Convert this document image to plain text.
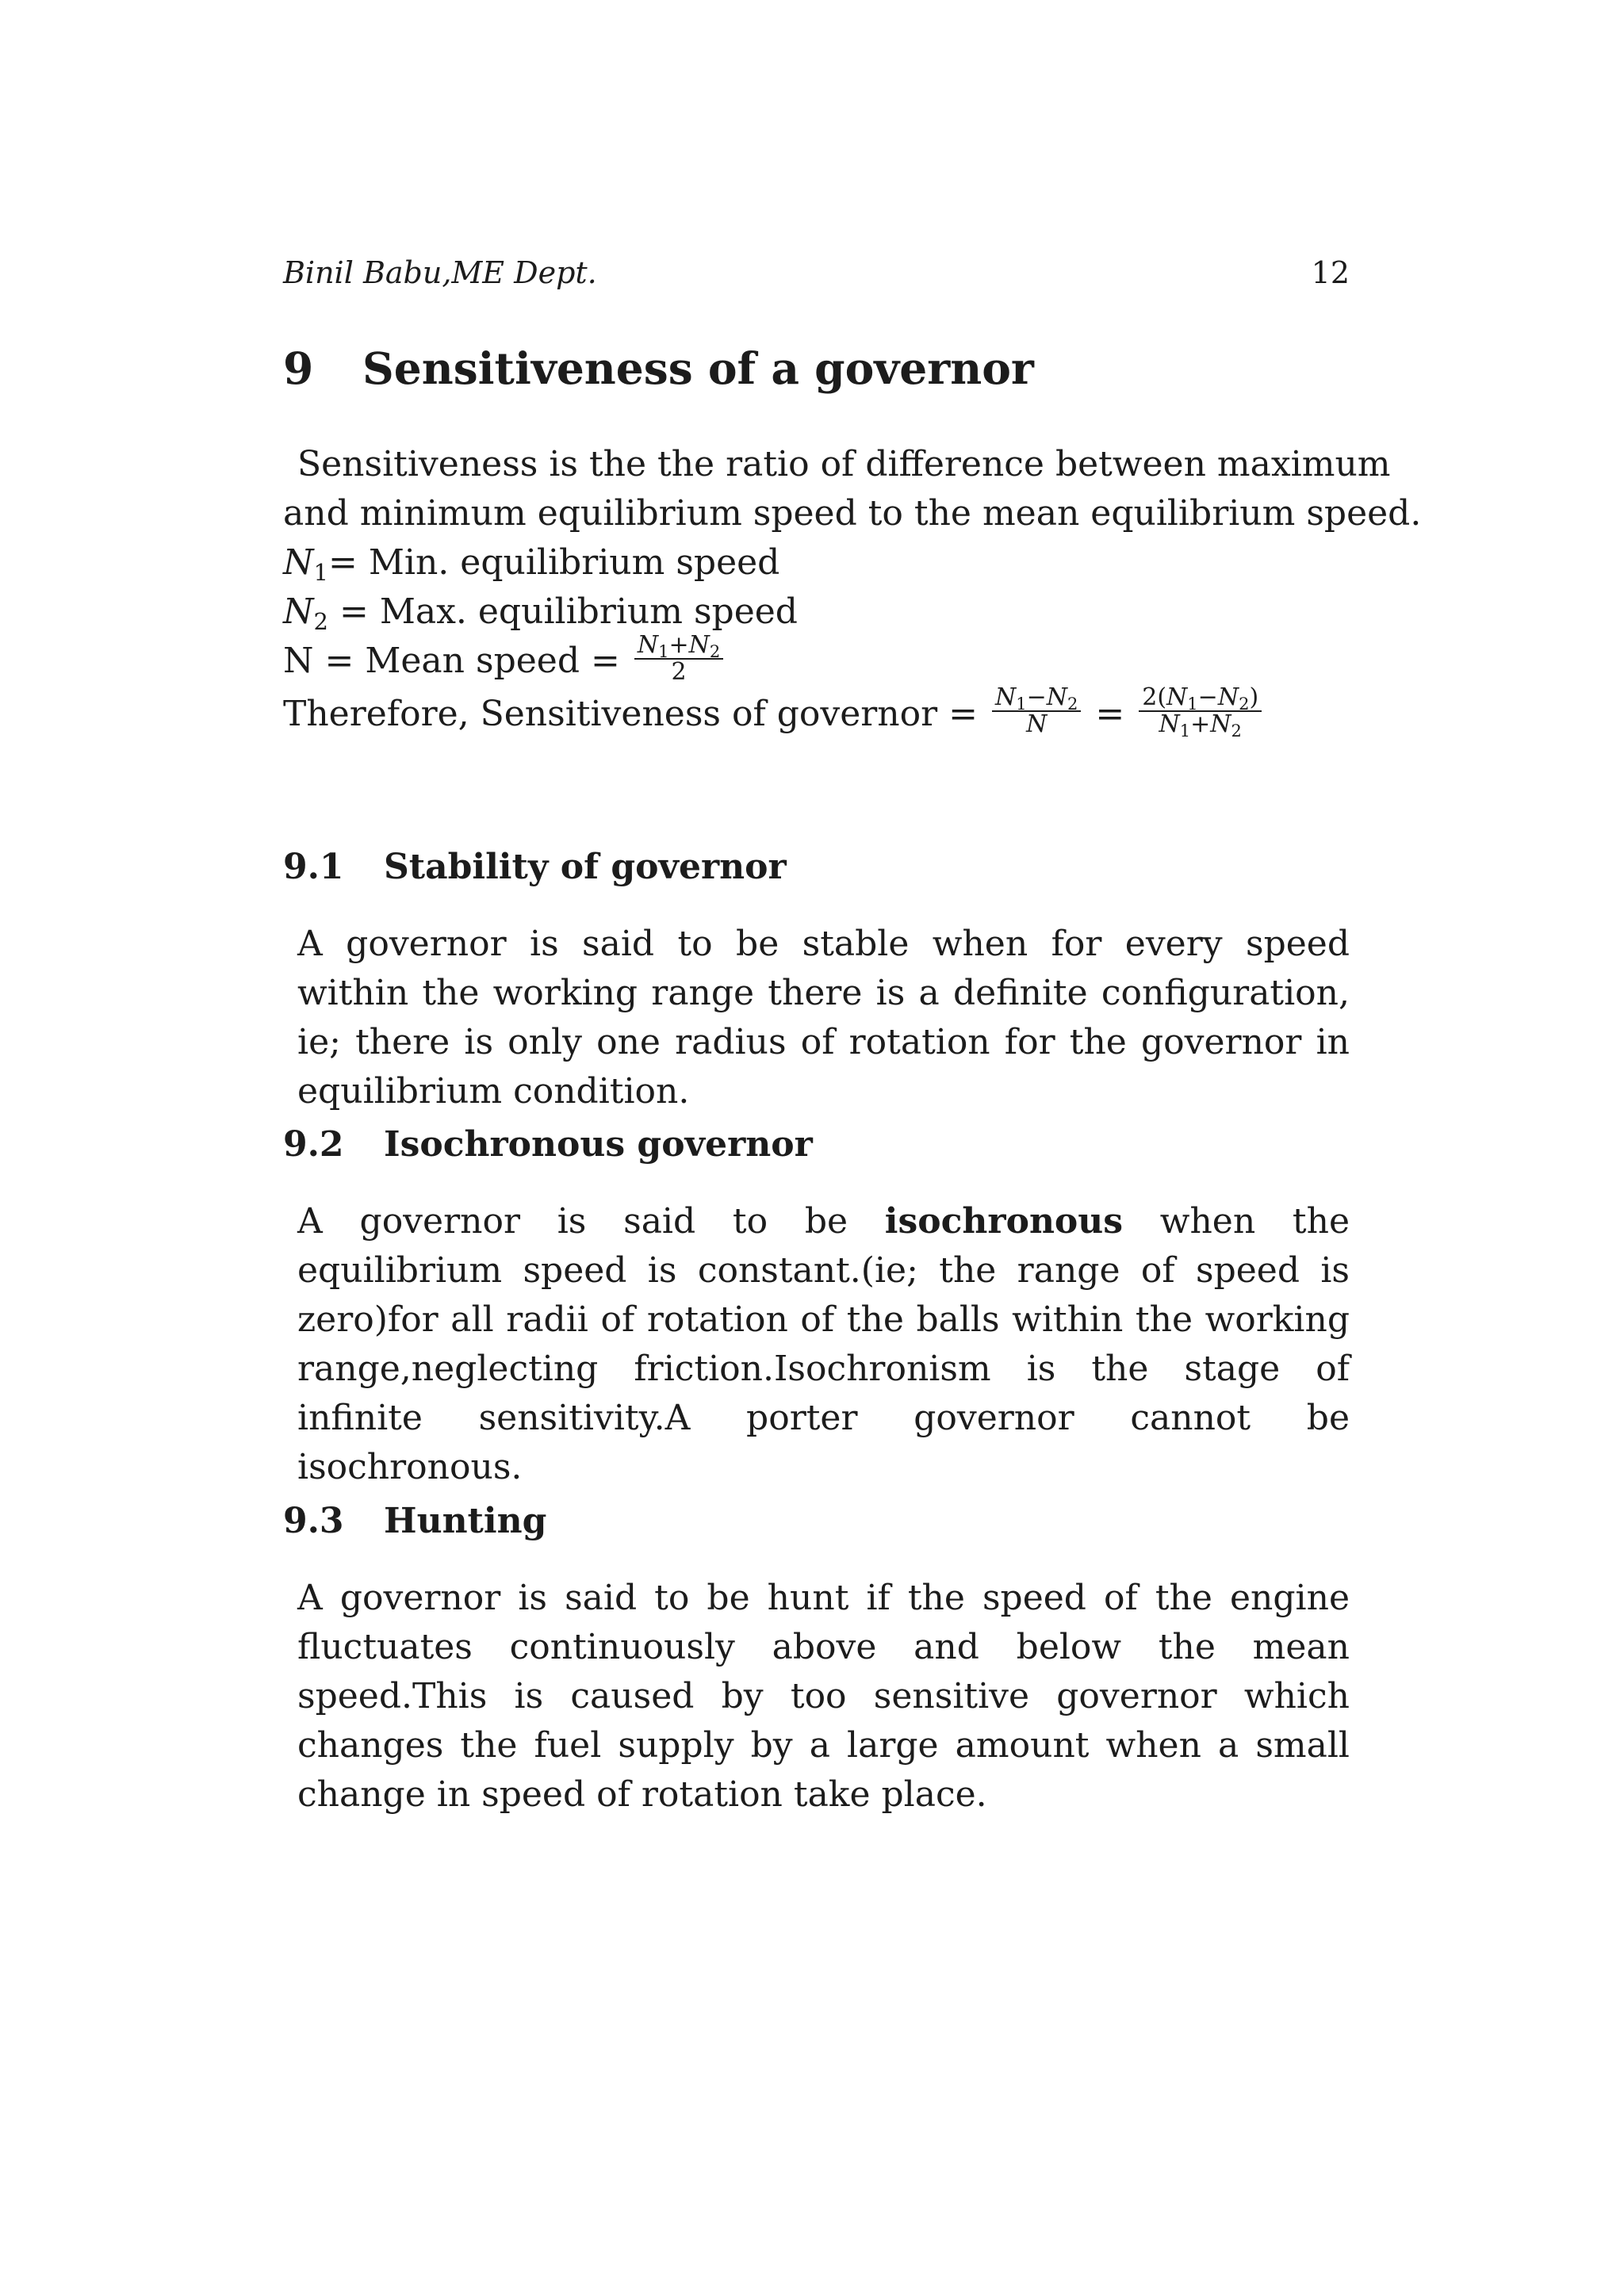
Binil Babu,ME Dept.	12
9 Sensitiveness of a governor
Sensitiveness is the the ratio of difference between maximum
and minimum equilibrium speed to the mean equilibrium speed.
$N_1=$ Min. equilibrium speed
$N_2$ = Max. equilibrium speed
N = Mean speed = $\frac{N_1+N_2}{2}$
Therefore, Sensitiveness of governor = $\frac{N_1-N_2}{N} = \frac{2(N_1-N_2)}{N_1+N_2}$
9.1 Stability of governor

A governor is said to be stable when for every speed within the working range there is a definite configuration, ie; there is only one radius of rotation for the governor in equilibrium condition.

9.2 Isochronous governor

A governor is said to be isochronous when the equilibrium speed is constant.(ie; the range of speed is zero)for all radii of rotation of the balls within the working range,neglecting friction.Isochronism is the stage of infinite sensitivity.A porter governor cannot be isochronous.

9.3 Hunting

A governor is said to be hunt if the speed of the engine fluctuates continuously above and below the mean speed.This is caused by too sensitive governor which changes the fuel supply by a large amount when a small change in speed of rotation take place.
